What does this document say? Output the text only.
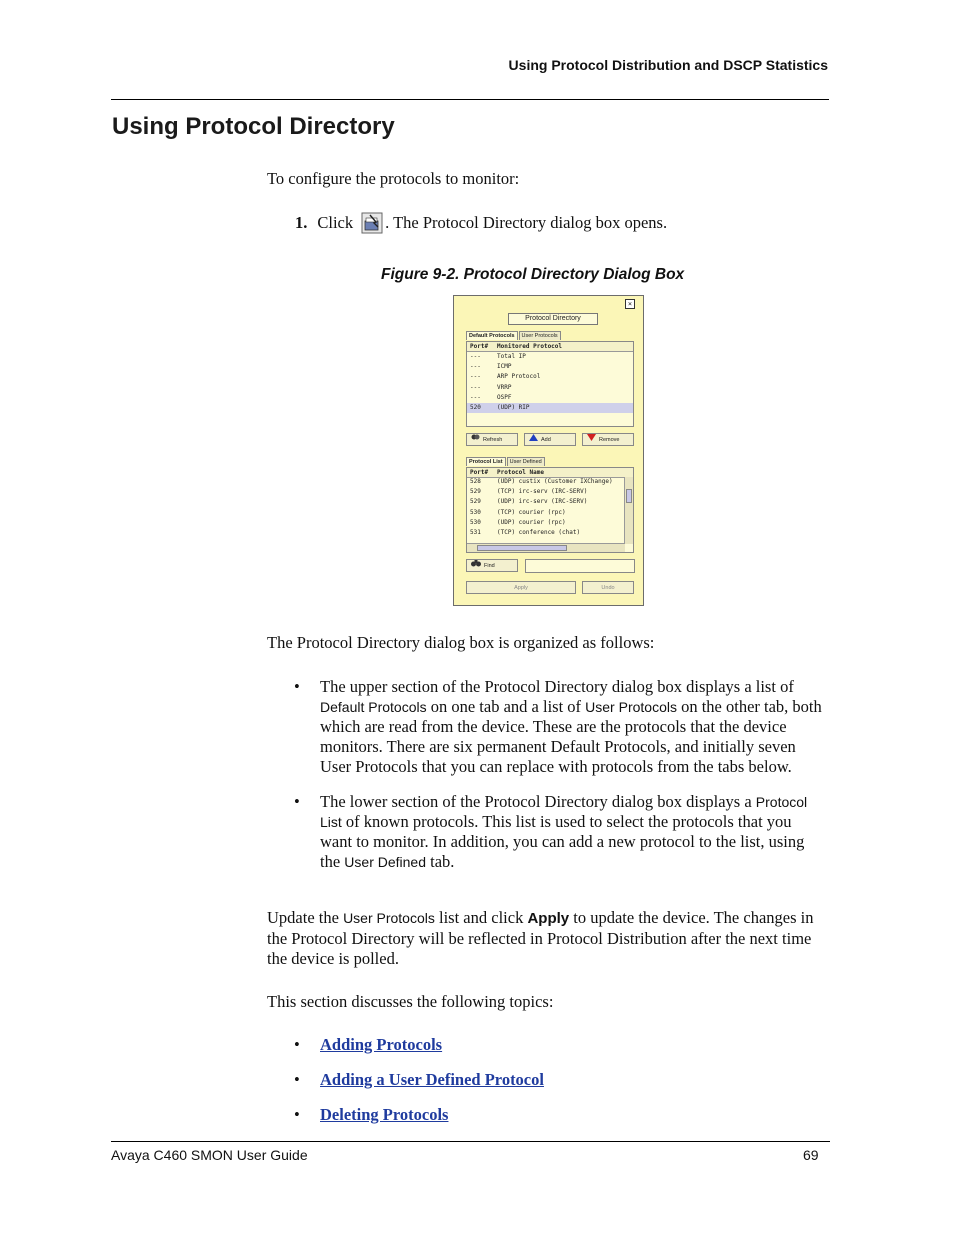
Using Protocol Distribution and DSCP Statistics
Using Protocol Directory

To configure the protocols to monitor:

1. Click . The Protocol Directory dialog box opens.
Figure 9-2. Protocol Directory Dialog Box
×
Protocol Directory
Default Protocols	User Protocols
Port#	Monitored Protocol
---	Total IP
---	ICMP
---	ARP Protocol
---	VRRP
---	OSPF
520	(UDP) RIP
Refresh	Add	Remove
Protocol List	User Defined
Port#	Protocol Name
528	(UDP) custix (Customer IXChange)
529	(TCP) irc-serv (IRC-SERV)
529	(UDP) irc-serv (IRC-SERV)
530	(TCP) courier (rpc)
530	(UDP) courier (rpc)
531	(TCP) conference (chat)
Find
Apply	Undo

The Protocol Directory dialog box is organized as follows:

• The upper section of the Protocol Directory dialog box displays a list of Default Protocols on one tab and a list of User Protocols on the other tab, both which are read from the device. These are the protocols that the device monitors. There are six permanent Default Protocols, and initially seven User Protocols that you can replace with protocols from the tabs below.
• The lower section of the Protocol Directory dialog box displays a Protocol List of known protocols. This list is used to select the protocols that you want to monitor. In addition, you can add a new protocol to the list, using the User Defined tab.

Update the User Protocols list and click Apply to update the device. The changes in the Protocol Directory will be reflected in Protocol Distribution after the next time the device is polled.

This section discusses the following topics:

• Adding Protocols
• Adding a User Defined Protocol
• Deleting Protocols
Avaya C460 SMON User Guide	69
